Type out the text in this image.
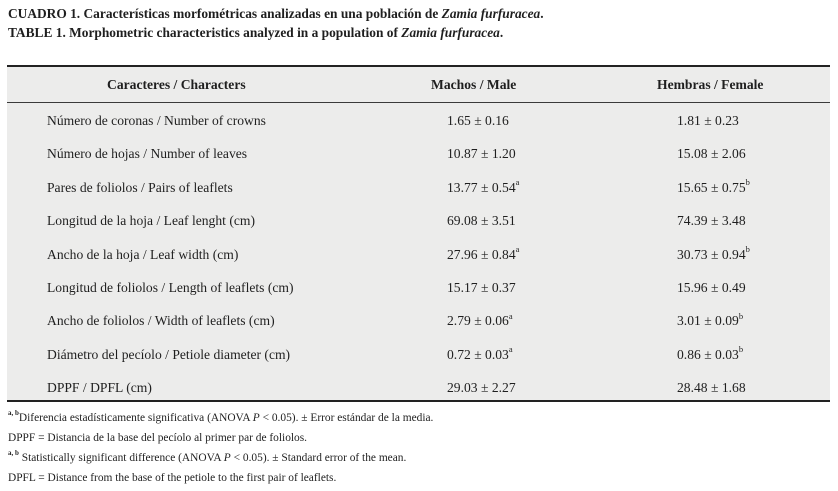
CUADRO 1. Características morfométricas analizadas en una población de Zamia furfuracea.
TABLE 1. Morphometric characteristics analyzed in a population of Zamia furfuracea.
Caracteres / Characters	Machos / Male	Hembras / Female
Número de coronas / Number of crowns	1.65 ± 0.16	1.81 ± 0.23
Número de hojas / Number of leaves	10.87 ± 1.20	15.08 ± 2.06
Pares de foliolos / Pairs of leaflets	13.77 ± 0.54$^a$	15.65 ± 0.75$^b$
Longitud de la hoja / Leaf lenght (cm)	69.08 ± 3.51	74.39 ± 3.48
Ancho de la hoja / Leaf width (cm)	27.96 ± 0.84$^a$	30.73 ± 0.94$^b$
Longitud de foliolos / Length of leaflets (cm)	15.17 ± 0.37	15.96 ± 0.49
Ancho de foliolos / Width of leaflets (cm)	2.79 ± 0.06$^a$	3.01 ± 0.09$^b$
Diámetro del pecíolo / Petiole diameter (cm)	0.72 ± 0.03$^a$	0.86 ± 0.03$^b$
DPPF / DPFL (cm)	29.03 ± 2.27	28.48 ± 1.68
$^{a, b}$Diferencia estadísticamente significativa (ANOVA P < 0.05). ± Error estándar de la media.
DPPF = Distancia de la base del pecíolo al primer par de foliolos.
$^{a, b}$ Statistically significant difference (ANOVA P < 0.05). ± Standard error of the mean.
DPFL = Distance from the base of the petiole to the first pair of leaflets.
